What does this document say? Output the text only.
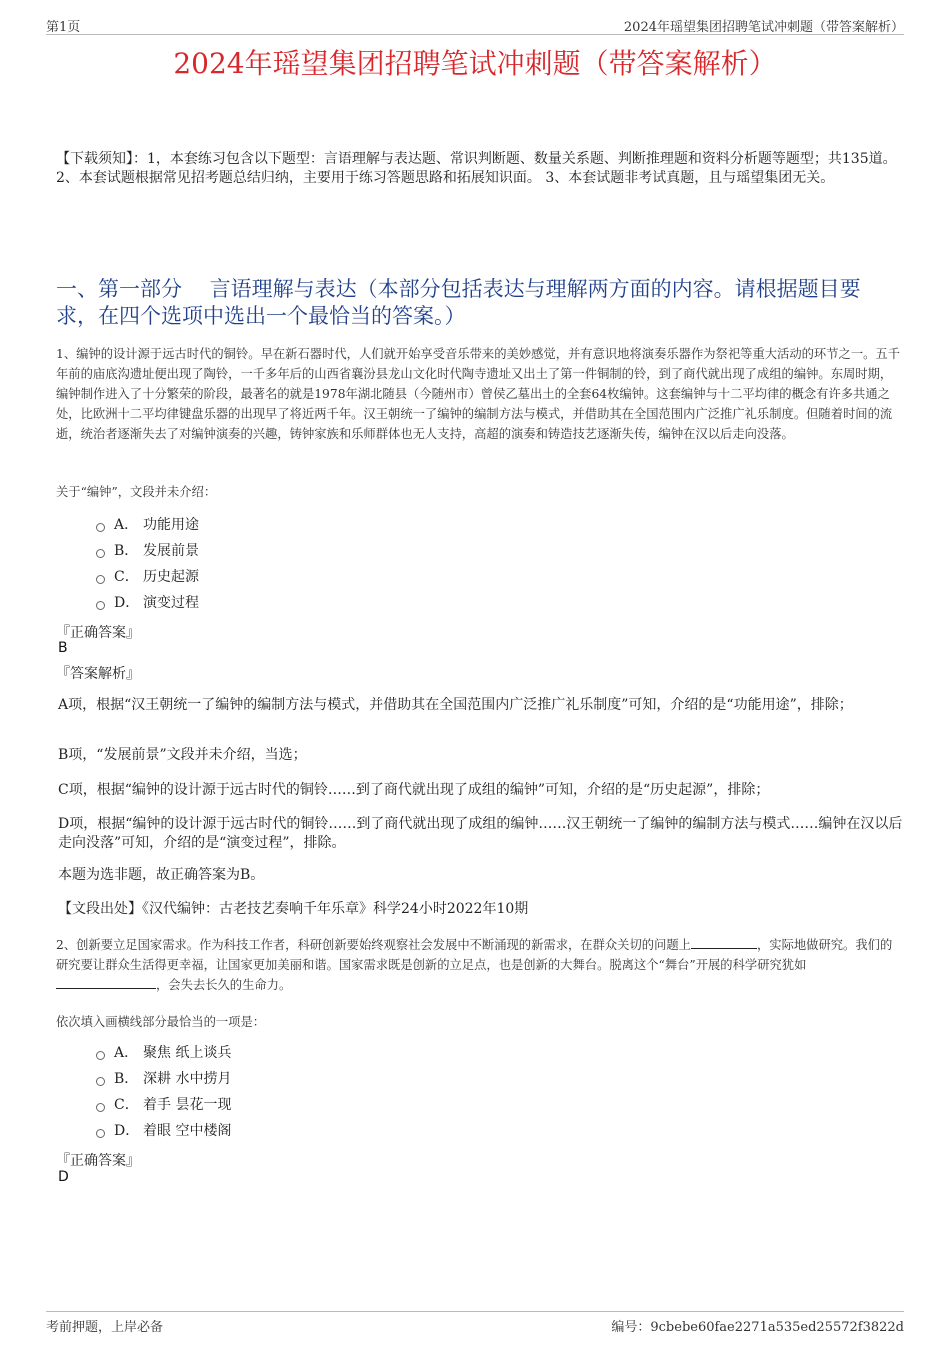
第1页	2024年瑶望集团招聘笔试冲刺题（带答案解析）
2024年瑶望集团招聘笔试冲刺题（带答案解析）
【下载须知】：1，本套练习包含以下题型：言语理解与表达题、常识判断题、数量关系题、判断推理题和资料分析题等题型；共135道。 2、本套试题根据常见招考题总结归纳，主要用于练习答题思路和拓展知识面。 3、本套试题非考试真题，且与瑶望集团无关。
一、第一部分　 言语理解与表达（本部分包括表达与理解两方面的内容。请根据题目要求，在四个选项中选出一个最恰当的答案。）
1、编钟的设计源于远古时代的铜铃。早在新石器时代，人们就开始享受音乐带来的美妙感觉，并有意识地将演奏乐器作为祭祀等重大活动的环节之一。五千年前的庙底沟遗址便出现了陶铃，一千多年后的山西省襄汾县龙山文化时代陶寺遗址又出土了第一件铜制的铃，到了商代就出现了成组的编钟。东周时期，编钟制作进入了十分繁荣的阶段，最著名的就是1978年湖北随县（今随州市）曾侯乙墓出土的全套64枚编钟。这套编钟与十二平均律的概念有许多共通之处，比欧洲十二平均律键盘乐器的出现早了将近两千年。汉王朝统一了编钟的编制方法与模式，并借助其在全国范围内广泛推广礼乐制度。但随着时间的流逝，统治者逐渐失去了对编钟演奏的兴趣，铸钟家族和乐师群体也无人支持，高超的演奏和铸造技艺逐渐失传，编钟在汉以后走向没落。
关于“编钟”，文段并未介绍：
A． 功能用途
B． 发展前景
C． 历史起源
D． 演变过程
『正确答案』
B
『答案解析』
A项，根据“汉王朝统一了编钟的编制方法与模式，并借助其在全国范围内广泛推广礼乐制度”可知，介绍的是“功能用途”，排除；
B项，“发展前景”文段并未介绍，当选；
C项，根据“编钟的设计源于远古时代的铜铃……到了商代就出现了成组的编钟”可知，介绍的是“历史起源”，排除；
D项，根据“编钟的设计源于远古时代的铜铃……到了商代就出现了成组的编钟……汉王朝统一了编钟的编制方法与模式……编钟在汉以后走向没落”可知，介绍的是“演变过程”，排除。
本题为选非题，故正确答案为B。
【文段出处】《汉代编钟：古老技艺奏响千年乐章》科学24小时2022年10期
2、创新要立足国家需求。作为科技工作者，科研创新要始终观察社会发展中不断涌现的新需求，在群众关切的问题上	，实际地做研究。我们的研究要让群众生活得更幸福，让国家更加美丽和谐。国家需求既是创新的立足点，也是创新的大舞台。脱离这个“舞台”开展的科学研究犹如，会失去长久的生命力。
依次填入画横线部分最恰当的一项是：
A． 聚焦 纸上谈兵
B． 深耕 水中捞月
C． 着手 昙花一现
D． 着眼 空中楼阁
『正确答案』
D
考前押题，上岸必备	编号：9cbebe60fae2271a535ed25572f3822d
